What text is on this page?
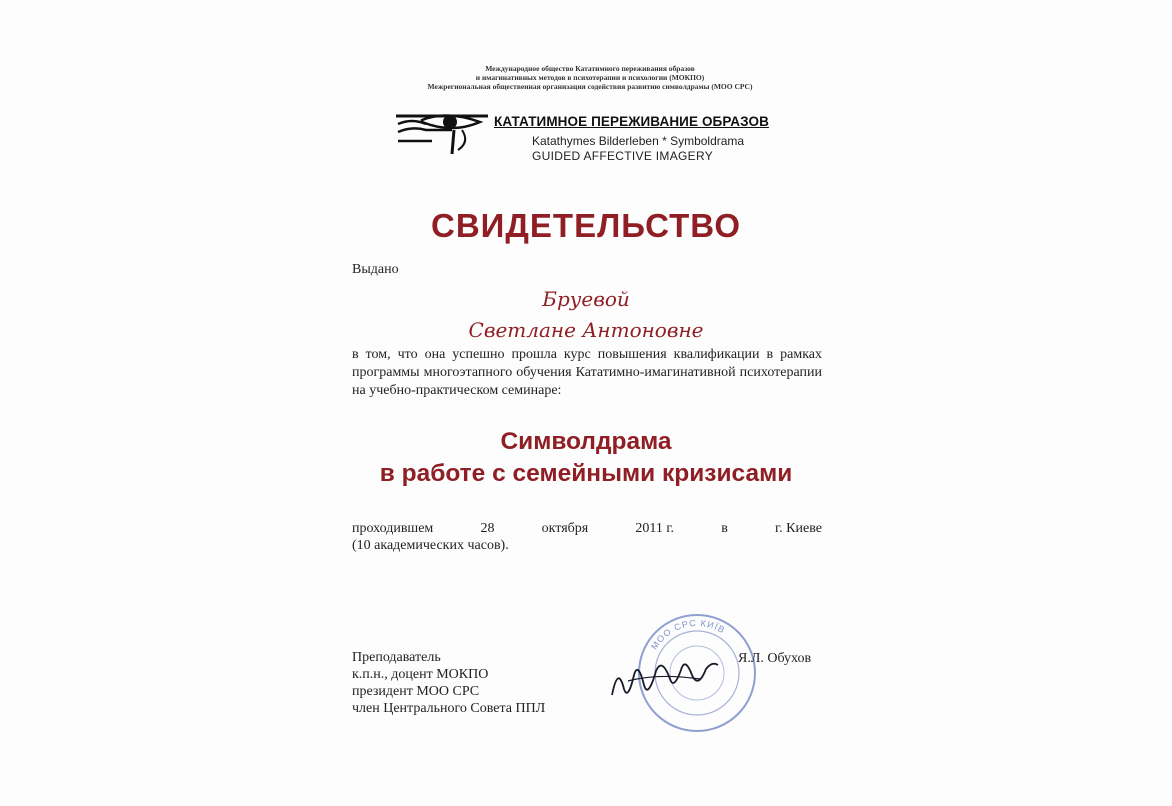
Международное общество Кататимного переживания образов
и имагинативных методов в психотерапии и психологии (МОКПО)
Межрегиональная общественная организация содействия развитию символдрамы (МОО СРС)
КАТАТИМНОЕ ПЕРЕЖИВАНИЕ ОБРАЗОВ
Katathymes Bilderleben * Symboldrama
GUIDED AFFECTIVE IMAGERY
СВИДЕТЕЛЬСТВО
Выдано
Бруевой
Светлане Антоновне
в том, что она успешно прошла курс повышения квалификации в рамках программы многоэтапного обучения Кататимно-имагинативной психотерапии на учебно-практическом семинаре:
Символдрама
в работе с семейными кризисами
проходившем	28	октября	2011 г.	в	г. Киеве
(10 академических часов).
Преподаватель
к.п.н., доцент МОКПО
президент МОО СРС
член Центрального Совета ППЛ
МОО СРС КИЇВ
Я.Л. Обухов
